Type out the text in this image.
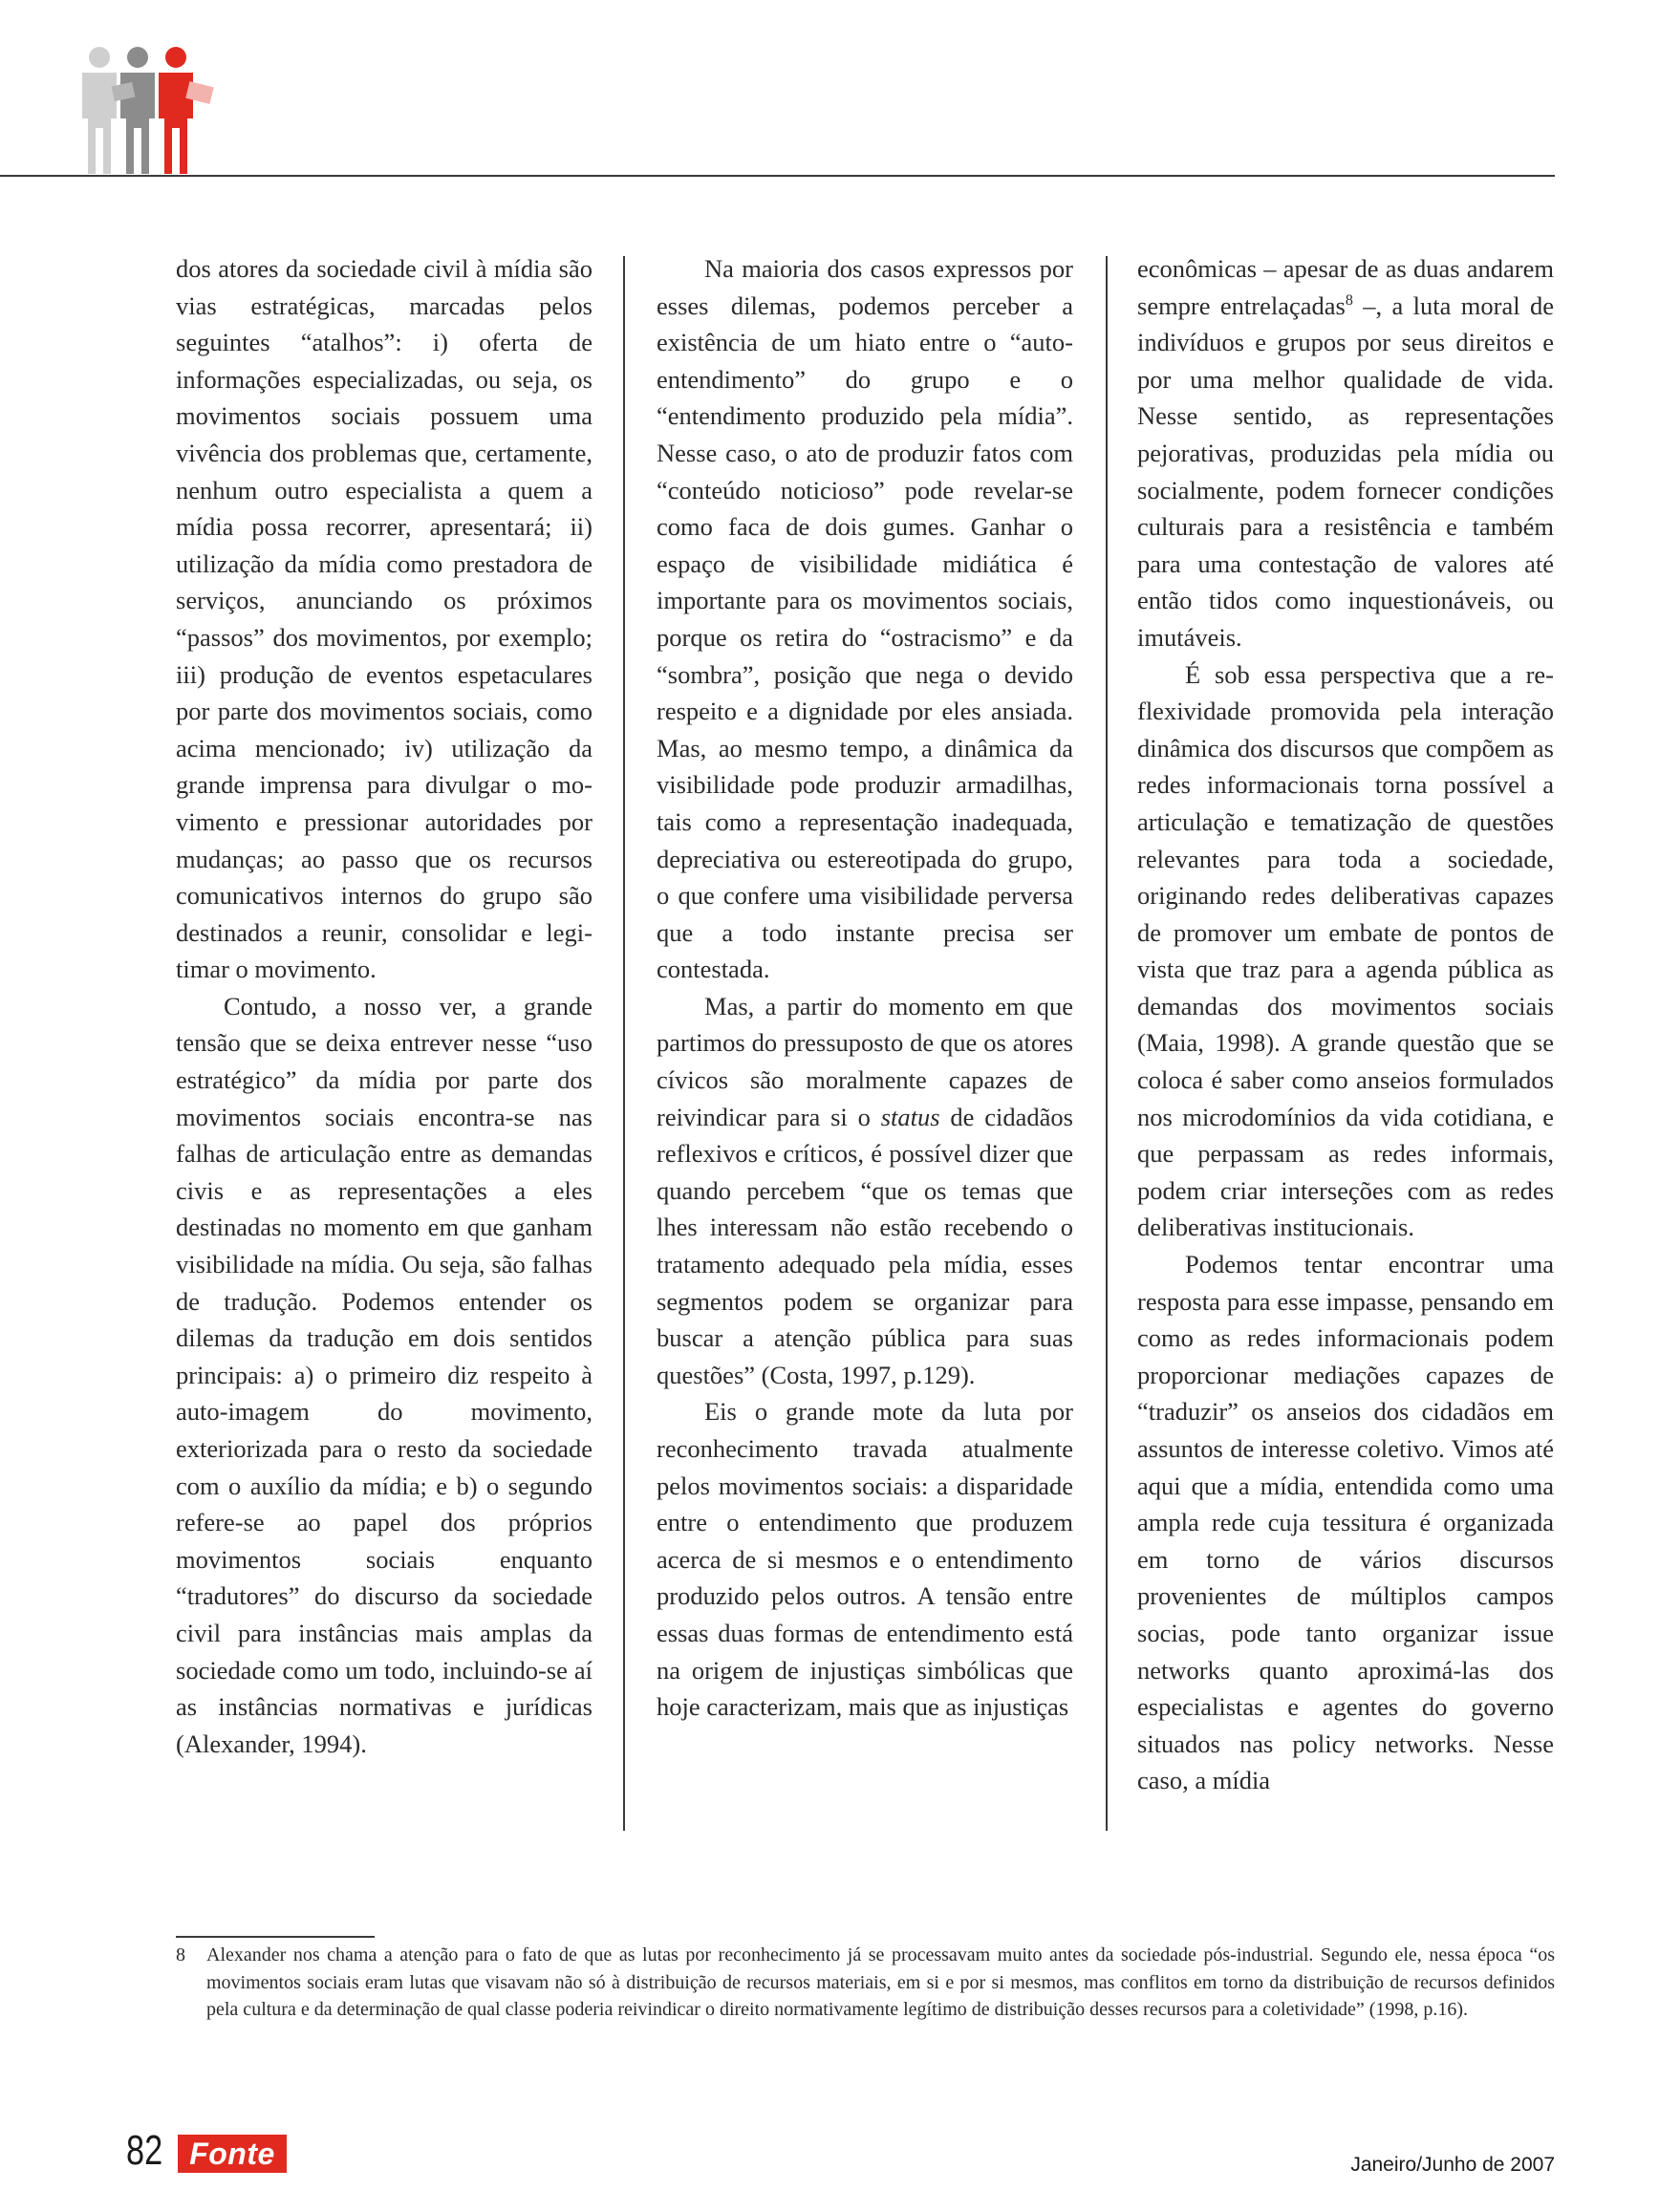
dos atores da sociedade civil à mídia são vias estratégicas, marcadas pelos seguintes “atalhos”: i) oferta de informações especializadas, ou seja, os movimentos sociais possuem uma vivência dos problemas que, certamente, nenhum outro especialista a quem a mídia possa recorrer, apresentará; ii) utilização da mídia como prestadora de serviços, anunciando os próximos “passos” dos movimentos, por exemplo; iii) produção de eventos espetaculares por parte dos movimentos sociais, como acima mencionado; iv) utilização da grande imprensa para divulgar o movimento e pressionar autoridades por mudanças; ao passo que os recursos comunicativos internos do grupo são destinados a reunir, consolidar e legitimar o movimento.

Contudo, a nosso ver, a grande tensão que se deixa entrever nesse “uso estratégico” da mídia por parte dos movimentos sociais encontra-se nas falhas de articulação entre as demandas civis e as representações a eles destinadas no momento em que ganham visibilidade na mídia. Ou seja, são falhas de tradução. Podemos entender os dilemas da tradução em dois sentidos principais: a) o primeiro diz respeito à auto-imagem do movimento, exteriorizada para o resto da sociedade com o auxílio da mídia; e b) o segundo refere-se ao papel dos próprios movimentos sociais enquanto “tradutores” do discurso da sociedade civil para instâncias mais amplas da sociedade como um todo, incluindo-se aí as instâncias normativas e jurídicas (Alexander, 1994).

Na maioria dos casos expressos por esses dilemas, podemos perceber a existência de um hiato entre o “auto-entendimento” do grupo e o “entendimento produzido pela mídia”. Nesse caso, o ato de produzir fatos com “conteúdo noticioso” pode revelar-se como faca de dois gumes. Ganhar o espaço de visibilidade midiática é importante para os movimentos sociais, porque os retira do “ostracismo” e da “sombra”, posição que nega o devido respeito e a dignidade por eles ansiada. Mas, ao mesmo tempo, a dinâmica da visibilidade pode produzir armadilhas, tais como a representação inadequada, depreciativa ou estereotipada do grupo, o que confere uma visibilidade perversa que a todo instante precisa ser contestada.

Mas, a partir do momento em que partimos do pressuposto de que os atores cívicos são moralmente capazes de reivindicar para si o status de cidadãos reflexivos e críticos, é possível dizer que quando percebem “que os temas que lhes interessam não estão recebendo o tratamento adequado pela mídia, esses segmentos podem se organizar para buscar a atenção pública para suas questões” (Costa, 1997, p.129).

Eis o grande mote da luta por reconhecimento travada atualmente pelos movimentos sociais: a disparidade entre o entendimento que produzem acerca de si mesmos e o entendimento produzido pelos outros. A tensão entre essas duas formas de entendimento está na origem de injustiças simbólicas que hoje caracterizam, mais que as injustiças

econômicas – apesar de as duas andarem sempre entrelaçadas$^8$ –, a luta moral de indivíduos e grupos por seus direitos e por uma melhor qualidade de vida. Nesse sentido, as representações pejorativas, produzidas pela mídia ou socialmente, podem fornecer condições culturais para a resistência e também para uma contestação de valores até então tidos como inquestionáveis, ou imutáveis.

É sob essa perspectiva que a reflexividade promovida pela interação dinâmica dos discursos que compõem as redes informacionais torna possível a articulação e tematização de questões relevantes para toda a sociedade, originando redes deliberativas capazes de promover um embate de pontos de vista que traz para a agenda pública as demandas dos movimentos sociais (Maia, 1998). A grande questão que se coloca é saber como anseios formulados nos microdomínios da vida cotidiana, e que perpassam as redes informais, podem criar interseções com as redes deliberativas institucionais.

Podemos tentar encontrar uma resposta para esse impasse, pensando em como as redes informacionais podem proporcionar mediações capazes de “traduzir” os anseios dos cidadãos em assuntos de interesse coletivo. Vimos até aqui que a mídia, entendida como uma ampla rede cuja tessitura é organizada em torno de vários discursos provenientes de múltiplos campos socias, pode tanto organizar issue networks quanto aproximá-las dos especialistas e agentes do governo situados nas policy networks. Nesse caso, a mídia

8 Alexander nos chama a atenção para o fato de que as lutas por reconhecimento já se processavam muito antes da sociedade pós-industrial. Segundo ele, nessa época “os movimentos sociais eram lutas que visavam não só à distribuição de recursos materiais, em si e por si mesmos, mas conflitos em torno da distribuição de recursos definidos pela cultura e da determinação de qual classe poderia reivindicar o direito normativamente legítimo de distribuição desses recursos para a coletividade” (1998, p.16).
82 Fonte	Janeiro/Junho de 2007
